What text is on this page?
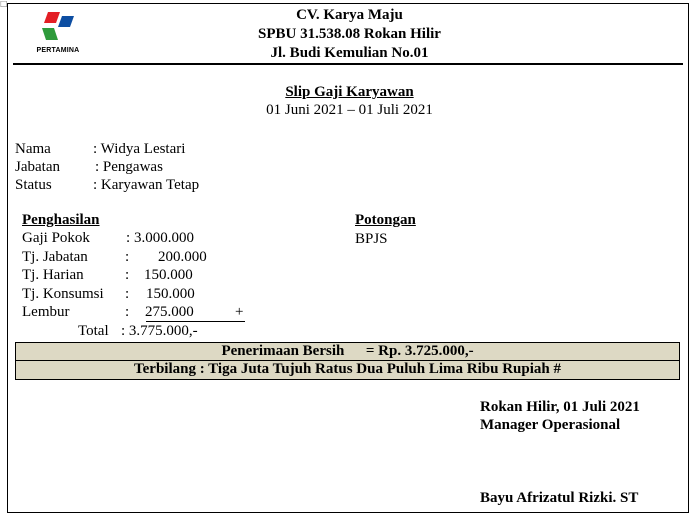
□
PERTAMINA
CV. Karya Maju
SPBU 31.538.08 Rokan Hilir
Jl. Budi Kemulian No.01
Slip Gaji Karyawan
01 Juni 2021 – 01 Juli 2021
Nama	: Widya Lestari
Jabatan : Pengawas
Status	: Karyawan Tetap
Penghasilan	Potongan
Gaji Pokok : 3.000.000
Tj. Jabatan : 200.000
Tj. Harian	: 150.000
Tj. Konsumsi : 150.000
Lembur	: 275.000	+
Total : 3.775.000,-
BPJS
Penerimaan Bersih = Rp. 3.725.000,-
Terbilang : Tiga Juta Tujuh Ratus Dua Puluh Lima Ribu Rupiah #
Rokan Hilir, 01 Juli 2021
Manager Operasional
Bayu Afrizatul Rizki. ST
